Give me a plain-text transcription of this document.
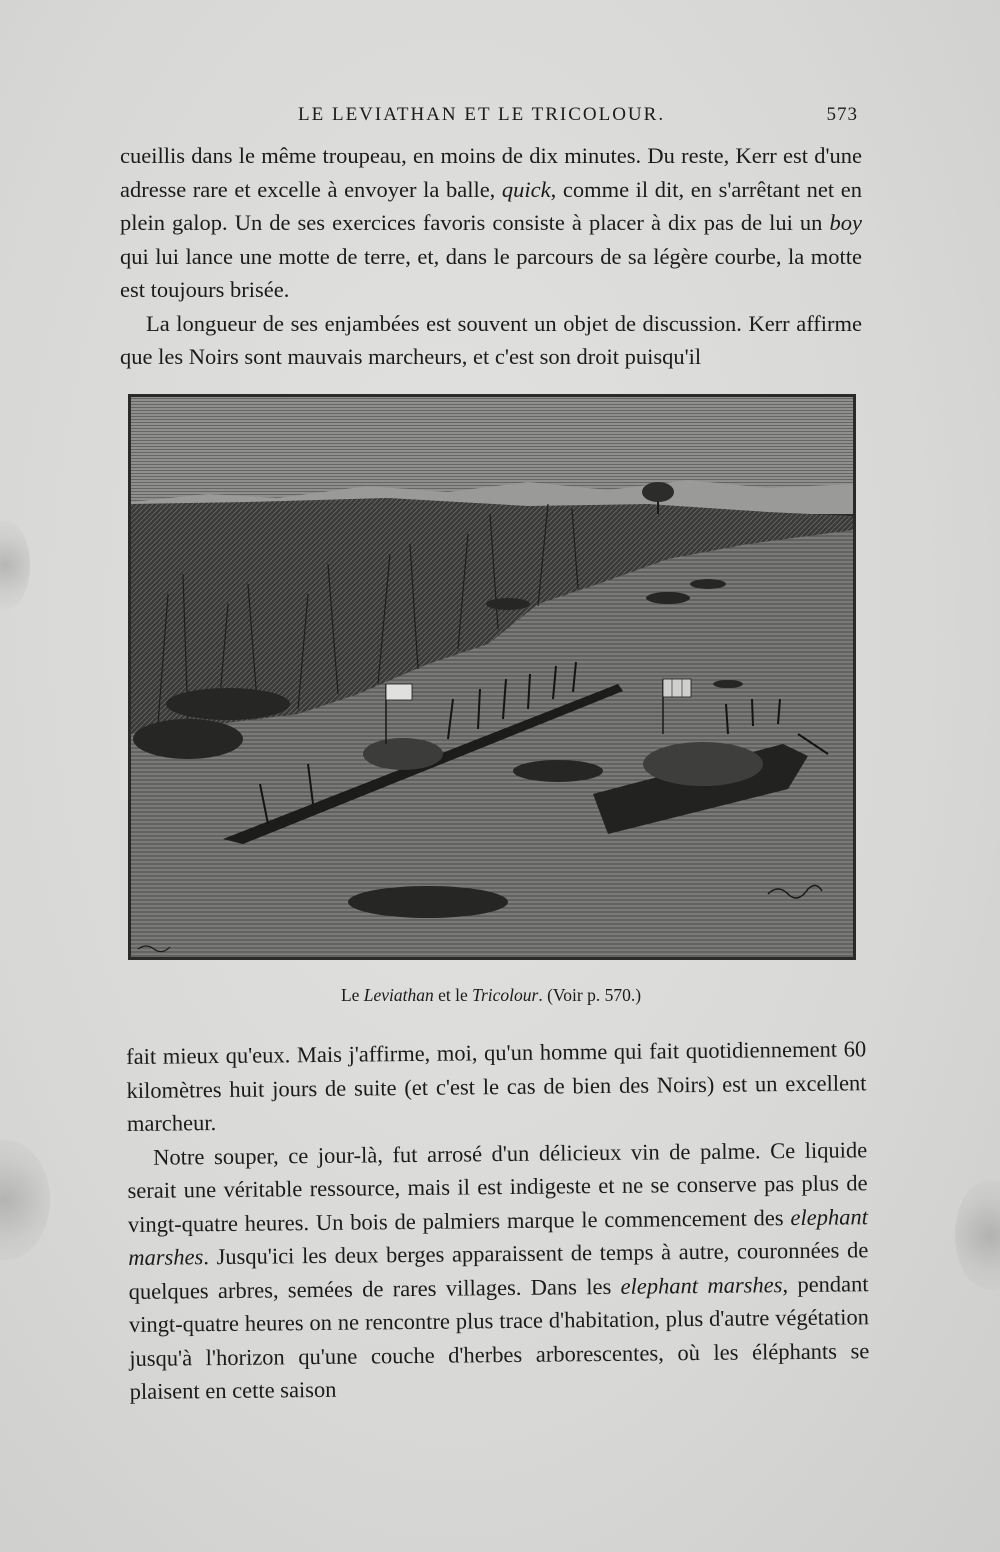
LE LEVIATHAN ET LE TRICOLOUR.	573

cueillis dans le même troupeau, en moins de dix minutes. Du reste, Kerr est d'une adresse rare et excelle à envoyer la balle, quick, comme il dit, en s'arrêtant net en plein galop. Un de ses exercices favoris consiste à placer à dix pas de lui un boy qui lui lance une motte de terre, et, dans le parcours de sa légère courbe, la motte est toujours brisée.

La longueur de ses enjambées est souvent un objet de discussion. Kerr affirme que les Noirs sont mauvais marcheurs, et c'est son droit puisqu'il

Le Leviathan et le Tricolour. (Voir p. 570.)

fait mieux qu'eux. Mais j'affirme, moi, qu'un homme qui fait quotidiennement 60 kilomètres huit jours de suite (et c'est le cas de bien des Noirs) est un excellent marcheur.

Notre souper, ce jour-là, fut arrosé d'un délicieux vin de palme. Ce liquide serait une véritable ressource, mais il est indigeste et ne se conserve pas plus de vingt-quatre heures. Un bois de palmiers marque le commencement des elephant marshes. Jusqu'ici les deux berges apparaissent de temps à autre, couronnées de quelques arbres, semées de rares villages. Dans les elephant marshes, pendant vingt-quatre heures on ne rencontre plus trace d'habitation, plus d'autre végétation jusqu'à l'horizon qu'une couche d'herbes arborescentes, où les éléphants se plaisent en cette saison
